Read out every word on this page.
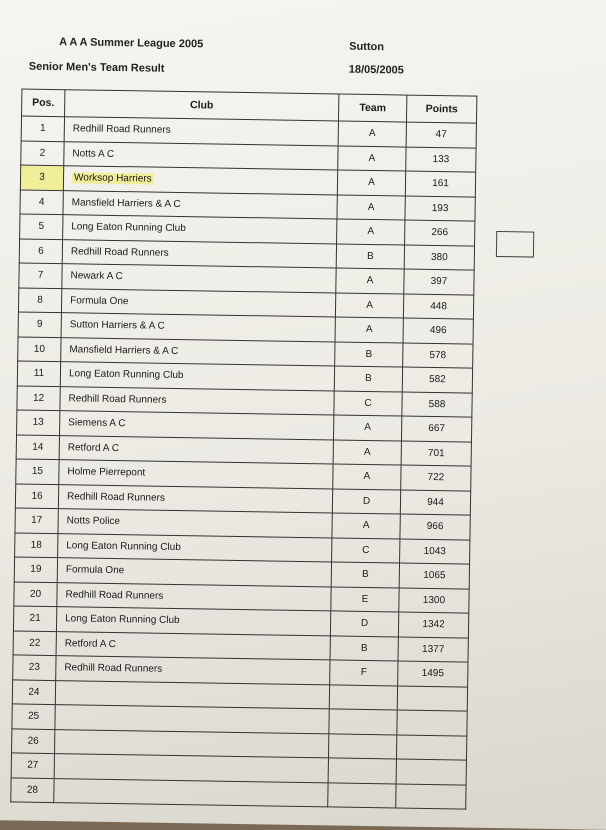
A A A Summer League 2005	Sutton
Senior Men's Team Result	18/05/2005
Pos.	Club	Team	Points
1	Redhill Road Runners	A	47
2	Notts A C	A	133
3	Worksop Harriers	A	161
4	Mansfield Harriers & A C	A	193
5	Long Eaton Running Club	A	266
6	Redhill Road Runners	B	380
7	Newark A C	A	397
8	Formula One	A	448
9	Sutton Harriers & A C	A	496
10	Mansfield Harriers & A C	B	578
11	Long Eaton Running Club	B	582
12	Redhill Road Runners	C	588
13	Siemens A C	A	667
14	Retford A C	A	701
15	Holme Pierrepont	A	722
16	Redhill Road Runners	D	944
17	Notts Police	A	966
18	Long Eaton Running Club	C	1043
19	Formula One	B	1065
20	Redhill Road Runners	E	1300
21	Long Eaton Running Club	D	1342
22	Retford A C	B	1377
23	Redhill Road Runners	F	1495
24			
25			
26			
27			
28			
